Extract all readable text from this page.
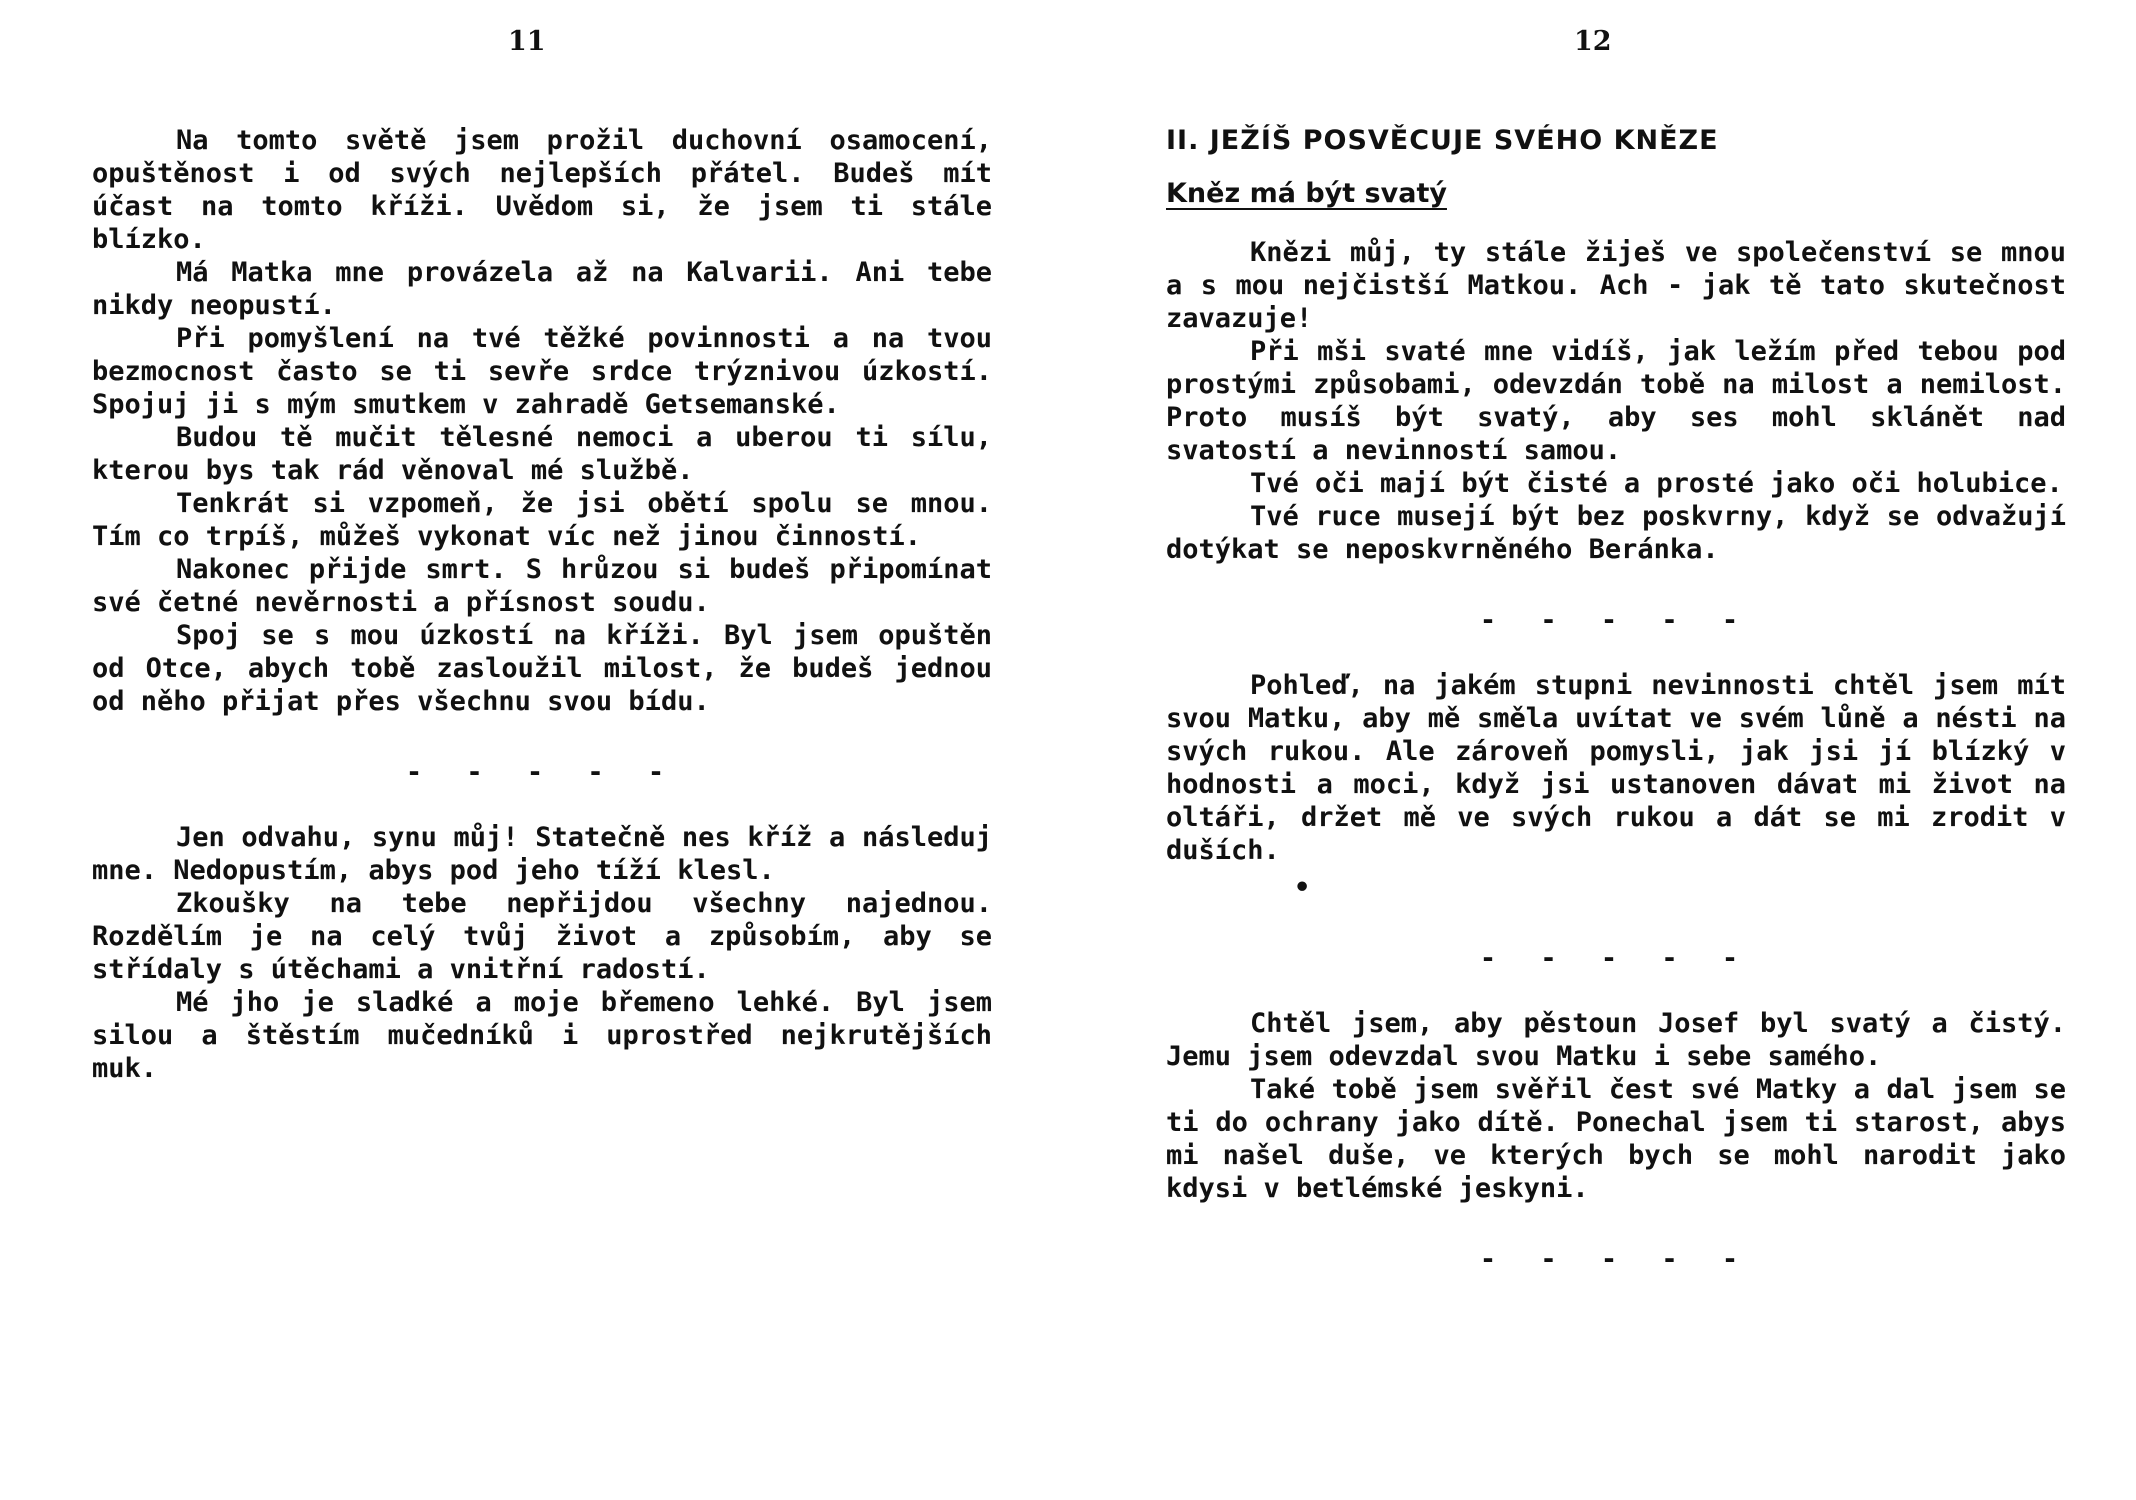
11

Na tomto světě jsem prožil duchovní osamocení, opuštěnost i od svých nejlepších přátel. Budeš mít účast na tomto kříži. Uvědom si, že jsem ti stále blízko.

Má Matka mne provázela až na Kalvarii. Ani tebe nikdy neopustí.

Při pomyšlení na tvé těžké povinnosti a na tvou bezmocnost často se ti sevře srdce trýznivou úzkostí. Spojuj ji s mým smutkem v zahradě Getsemanské.

Budou tě mučit tělesné nemoci a uberou ti sílu, kterou bys tak rád věnoval mé službě.

Tenkrát si vzpomeň, že jsi obětí spolu se mnou. Tím co trpíš, můžeš vykonat víc než jinou činností.

Nakonec přijde smrt. S hrůzou si budeš připomínat své četné nevěrnosti a přísnost soudu.

Spoj se s mou úzkostí na kříži. Byl jsem opuštěn od Otce, abych tobě zasloužil milost, že budeš jednou od něho přijat přes všechnu svou bídu.

- - - - -

Jen odvahu, synu můj! Statečně nes kříž a následuj mne. Nedopustím, abys pod jeho tíží klesl.

Zkoušky na tebe nepřijdou všechny najednou. Rozdělím je na celý tvůj život a způsobím, aby se střídaly s útěchami a vnitřní radostí.

Mé jho je sladké a moje břemeno lehké. Byl jsem silou a štěstím mučedníků i uprostřed nejkrutějších muk.

12
II. JEŽÍŠ POSVĚCUJE SVÉHO KNĚZE
Kněz má být svatý

Knězi můj, ty stále žiješ ve společenství se mnou a s mou nejčistší Matkou. Ach - jak tě tato skutečnost zavazuje!

Při mši svaté mne vidíš, jak ležím před tebou pod prostými způsobami, odevzdán tobě na milost a nemilost. Proto musíš být svatý, aby ses mohl sklánět nad svatostí a nevinností samou.

Tvé oči mají být čisté a prosté jako oči holubice.

Tvé ruce musejí být bez poskvrny, když se odvažují dotýkat se neposkvrněného Beránka.

- - - - -

Pohleď, na jakém stupni nevinnosti chtěl jsem mít svou Matku, aby mě směla uvítat ve svém lůně a nésti na svých rukou. Ale zároveň pomysli, jak jsi jí blízký v hodnosti a moci, když jsi ustanoven dávat mi život na oltáři, držet mě ve svých rukou a dát se mi zrodit v duších.

•
- - - - -

Chtěl jsem, aby pěstoun Josef byl svatý a čistý. Jemu jsem odevzdal svou Matku i sebe samého.

Také tobě jsem svěřil čest své Matky a dal jsem se ti do ochrany jako dítě. Ponechal jsem ti starost, abys mi našel duše, ve kterých bych se mohl narodit jako kdysi v betlémské jeskyni.

- - - - -
